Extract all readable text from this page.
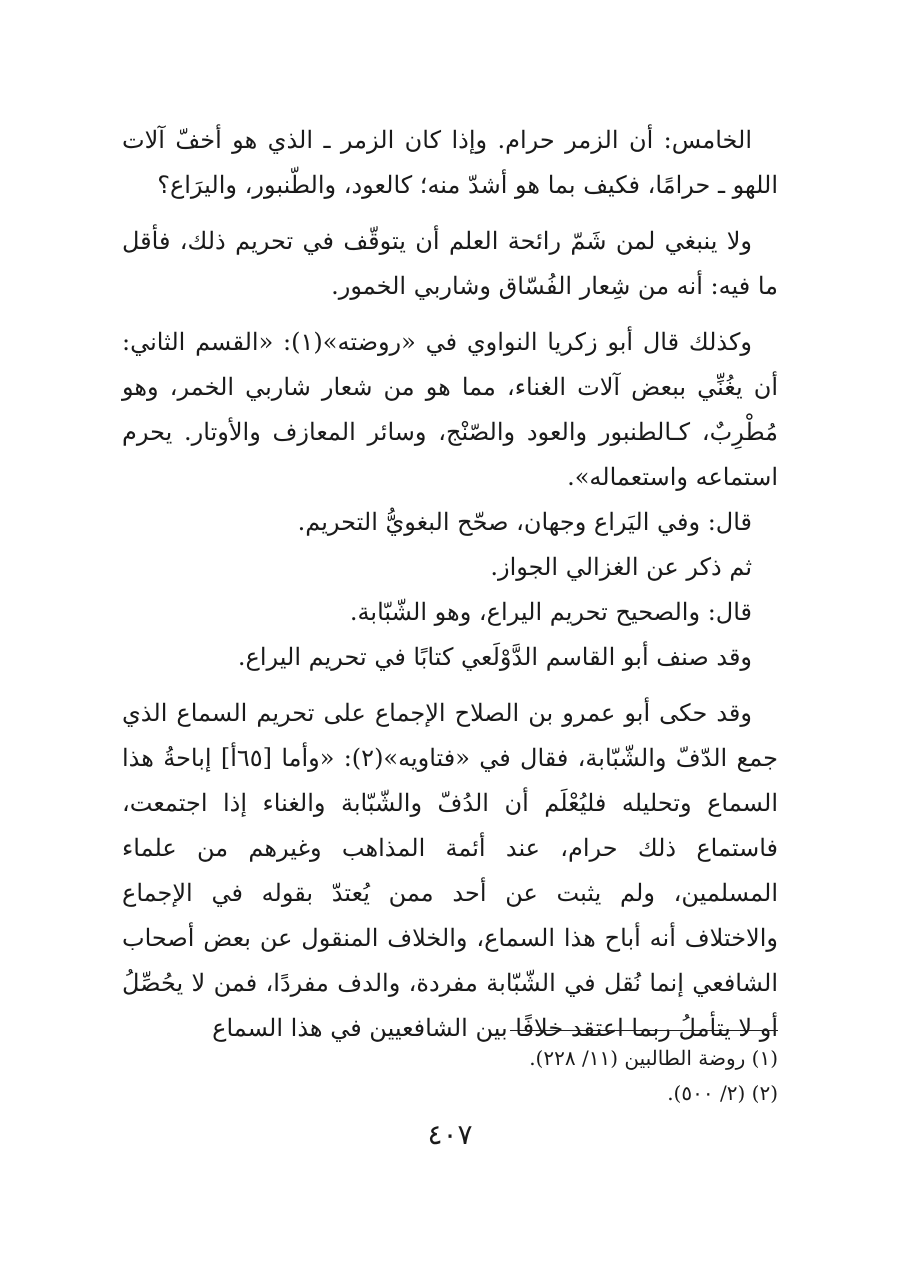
الخامس: أن الزمر حرام. وإذا كان الزمر ـ الذي هو أخفّ آلات اللهو ـ حرامًا، فكيف بما هو أشدّ منه؛ كالعود، والطّنبور، واليرَاع؟

ولا ينبغي لمن شَمّ رائحة العلم أن يتوقّف في تحريم ذلك، فأقل ما فيه: أنه من شِعار الفُسّاق وشاربي الخمور.

وكذلك قال أبو زكريا النواوي في «روضته»(١): «القسم الثاني: أن يغُنِّي ببعض آلات الغناء، مما هو من شعار شاربي الخمر، وهو مُطْرِبٌ، كـالطنبور والعود والصّنْج، وسائر المعازف والأوتار. يحرم استماعه واستعماله».

قال: وفي اليَراع وجهان، صحّح البغويُّ التحريم.

ثم ذكر عن الغزالي الجواز.

قال: والصحيح تحريم اليراع، وهو الشّبّابة.

وقد صنف أبو القاسم الدَّوْلَعي كتابًا في تحريم اليراع.

وقد حكى أبو عمرو بن الصلاح الإجماع على تحريم السماع الذي جمع الدّفّ والشّبّابة، فقال في «فتاويه»(٢): «وأما [٦٥أ] إباحةُ هذا السماع وتحليله فليُعْلَم أن الدُفّ والشّبّابة والغناء إذا اجتمعت، فاستماع ذلك حرام، عند أئمة المذاهب وغيرهم من علماء المسلمين، ولم يثبت عن أحد ممن يُعتدّ بقوله في الإجماع والاختلاف أنه أباح هذا السماع، والخلاف المنقول عن بعض أصحاب الشافعي إنما نُقل في الشّبّابة مفردة، والدف مفردًا، فمن لا يحُصِّلُ أو لا يتأملُ ربما اعتقد خلافًا بين الشافعيين في هذا السماع

(١) روضة الطالبين (١١/ ٢٢٨).
(٢) (٢/ ٥٠٠).
٤٠٧
